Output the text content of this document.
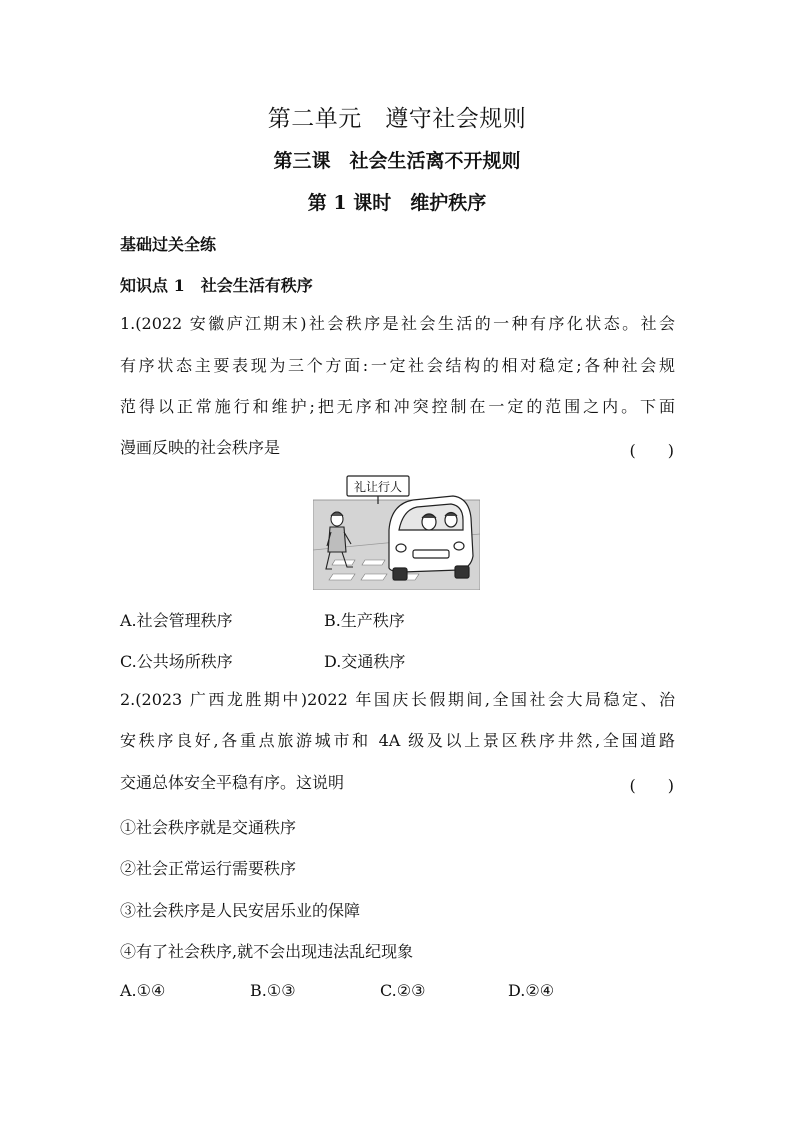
第二单元　遵守社会规则
第三课　社会生活离不开规则
第 1 课时　维护秩序
基础过关全练
知识点 1　社会生活有秩序
1.(2022 安徽庐江期末)社会秩序是社会生活的一种有序化状态。社会
有序状态主要表现为三个方面:一定社会结构的相对稳定;各种社会规
范得以正常施行和维护;把无序和冲突控制在一定的范围之内。下面
漫画反映的社会秩序是	(　　)
礼让行人
A.社会管理秩序	B.生产秩序
C.公共场所秩序	D.交通秩序
2.(2023 广西龙胜期中)2022 年国庆长假期间,全国社会大局稳定、治
安秩序良好,各重点旅游城市和 4A 级及以上景区秩序井然,全国道路
交通总体安全平稳有序。这说明	(　　)
①社会秩序就是交通秩序
②社会正常运行需要秩序
③社会秩序是人民安居乐业的保障
④有了社会秩序,就不会出现违法乱纪现象
A.①④	B.①③	C.②③	D.②④
